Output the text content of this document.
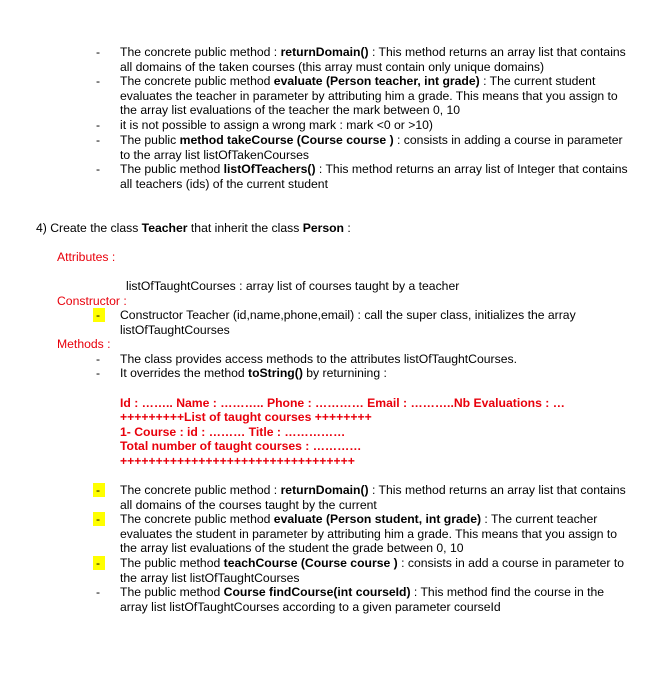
- The concrete public method : returnDomain() : This method returns an array list that contains all domains of the taken courses (this array must contain only unique domains)
- The concrete public method evaluate (Person teacher, int grade) : The current student evaluates the teacher in parameter by attributing him a grade. This means that you assign to the array list evaluations of the teacher the mark between 0, 10
- it is not possible to assign a wrong mark : mark <0 or >10)
- The public method takeCourse (Course course ) : consists in adding a course in parameter to the array list listOfTakenCourses
- The public method listOfTeachers() : This method returns an array list of Integer that contains all teachers (ids) of the current student
4) Create the class Teacher that inherit the class Person :
Attributes :
listOfTaughtCourses : array list of courses taught by a teacher
Constructor :
- Constructor Teacher (id,name,phone,email) : call the super class, initializes the array listOfTaughtCourses
Methods :
- The class provides access methods to the attributes listOfTaughtCourses.
- It overrides the method toString() by returnining :
Id : …….. Name : ……….. Phone : ………… Email : ………..Nb Evaluations : …
+++++++++List of taught courses ++++++++
1- Course : id : ……… Title : ……………
Total number of taught courses : …………
+++++++++++++++++++++++++++++++++
- The concrete public method : returnDomain() : This method returns an array list that contains all domains of the courses taught by the current
- The concrete public method evaluate (Person student, int grade) : The current teacher evaluates the student in parameter by attributing him a grade. This means that you assign to the array list evaluations of the student the grade between 0, 10
- The public method teachCourse (Course course ) : consists in add a course in parameter to the array list listOfTaughtCourses
- The public method Course findCourse(int courseId) : This method find the course in the array list listOfTaughtCourses according to a given parameter courseId
